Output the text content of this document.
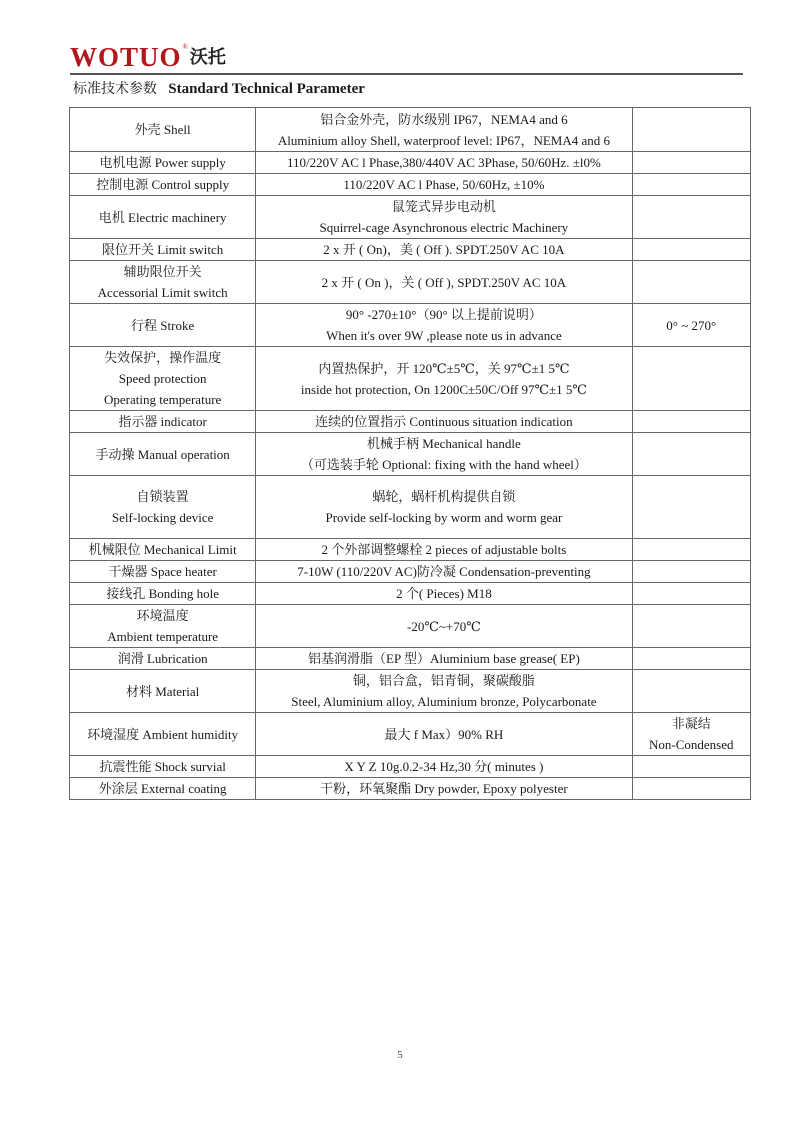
WOTUO ® 沃托
标准技术参数 Standard Technical Parameter
外壳 Shell	铝合金外壳，防水级别 IP67，NEMA4 and 6
Aluminium alloy Shell, waterproof level: IP67，NEMA4 and 6	

电机电源 Power supply	110/220V AC l Phase,380/440V AC 3Phase, 50/60Hz. ±l0%	

控制电源 Control supply	110/220V AC l Phase, 50/60Hz, ±10%	

电机 Electric machinery	鼠笼式异步电动机
Squirrel-cage Asynchronous electric Machinery	

限位开关 Limit switch	2 x 开 ( On)，美 ( Off ). SPDT.250V AC 10A	

辅助限位开关
Accessorial Limit switch	2 x 开 ( On )，关 ( Off ), SPDT.250V AC 10A	

行程 Stroke	90° -270±10°（90° 以上提前说明）
When it's over 9W ,please note us in advance	0° ~ 270°

失效保护，操作温度
Speed protection
Operating temperature	内置热保护，开 120℃±5℃，关 97℃±1 5℃
inside hot protection, On 1200C±50C/Off 97℃±1 5℃	

指示器 indicator	连续的位置指示 Continuous situation indication	

手动操 Manual operation	机械手柄 Mechanical handle
（可选装手轮 Optional: fixing with the hand wheel）	

自锁装置
Self-locking device	蜗轮，蜗杆机构提供自锁
Provide self-locking by worm and worm gear	

机械限位 Mechanical Limit	2 个外部调整螺栓 2 pieces of adjustable bolts	

干燥器 Space heater	7-10W (110/220V AC)防冷凝 Condensation-preventing	

接线孔 Bonding hole	2 个( Pieces) M18	

环境温度
Ambient temperature	-20℃~+70℃	

润滑 Lubrication	铝基润滑脂（EP 型）Aluminium base grease( EP)	

材料 Material	铜，铝合盒，铝青铜，聚碳酸脂
Steel, Aluminium alloy, Aluminium bronze, Polycarbonate	

环境湿度 Ambient humidity	最大 f Max）90% RH	非凝结
Non-Condensed

抗震性能 Shock survial	X Y Z 10g.0.2-34 Hz,30 分( minutes )	

外涂层 External coating	干粉，环氧聚酯 Dry powder, Epoxy polyester	

5
